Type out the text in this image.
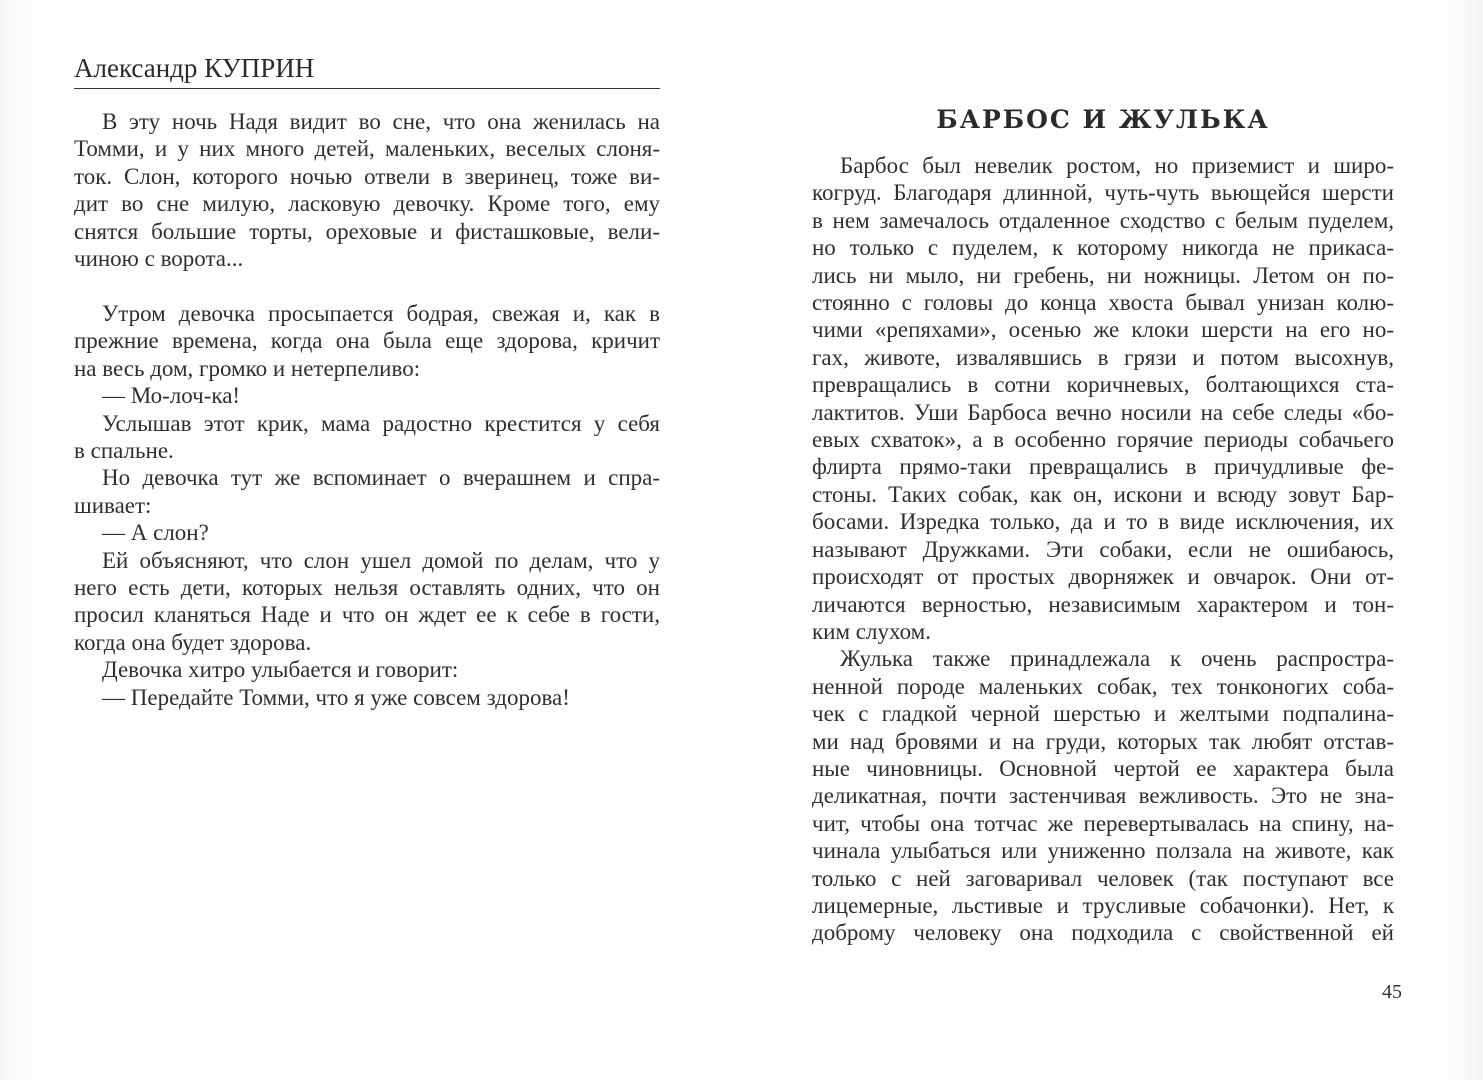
Александр КУПРИН
В эту ночь Надя видит во сне, что она женилась на
Томми, и у них много детей, маленьких, веселых слоня-
ток. Слон, которого ночью отвели в зверинец, тоже ви-
дит во сне милую, ласковую девочку. Кроме того, ему
снятся большие торты, ореховые и фисташковые, вели-
чиною с ворота...
Утром девочка просыпается бодрая, свежая и, как в
прежние времена, когда она была еще здорова, кричит
на весь дом, громко и нетерпеливо:
— Мо-лоч-ка!
Услышав этот крик, мама радостно крестится у себя
в спальне.
Но девочка тут же вспоминает о вчерашнем и спра-
шивает:
— А слон?
Ей объясняют, что слон ушел домой по делам, что у
него есть дети, которых нельзя оставлять одних, что он
просил кланяться Наде и что он ждет ее к себе в гости,
когда она будет здорова.
Девочка хитро улыбается и говорит:
— Передайте Томми, что я уже совсем здорова!
БАРБОС И ЖУЛЬКА
Барбос был невелик ростом, но приземист и широ-
когруд. Благодаря длинной, чуть-чуть вьющейся шерсти
в нем замечалось отдаленное сходство с белым пуделем,
но только с пуделем, к которому никогда не прикаса-
лись ни мыло, ни гребень, ни ножницы. Летом он по-
стоянно с головы до конца хвоста бывал унизан колю-
чими «репяхами», осенью же клоки шерсти на его но-
гах, животе, извалявшись в грязи и потом высохнув,
превращались в сотни коричневых, болтающихся ста-
лактитов. Уши Барбоса вечно носили на себе следы «бо-
евых схваток», а в особенно горячие периоды собачьего
флирта прямо-таки превращались в причудливые фе-
стоны. Таких собак, как он, искони и всюду зовут Бар-
босами. Изредка только, да и то в виде исключения, их
называют Дружками. Эти собаки, если не ошибаюсь,
происходят от простых дворняжек и овчарок. Они от-
личаются верностью, независимым характером и тон-
ким слухом.
Жулька также принадлежала к очень распростра-
ненной породе маленьких собак, тех тонконогих соба-
чек с гладкой черной шерстью и желтыми подпалина-
ми над бровями и на груди, которых так любят отстав-
ные чиновницы. Основной чертой ее характера была
деликатная, почти застенчивая вежливость. Это не зна-
чит, чтобы она тотчас же перевертывалась на спину, на-
чинала улыбаться или униженно ползала на животе, как
только с ней заговаривал человек (так поступают все
лицемерные, льстивые и трусливые собачонки). Нет, к
доброму человеку она подходила с свойственной ей
45
